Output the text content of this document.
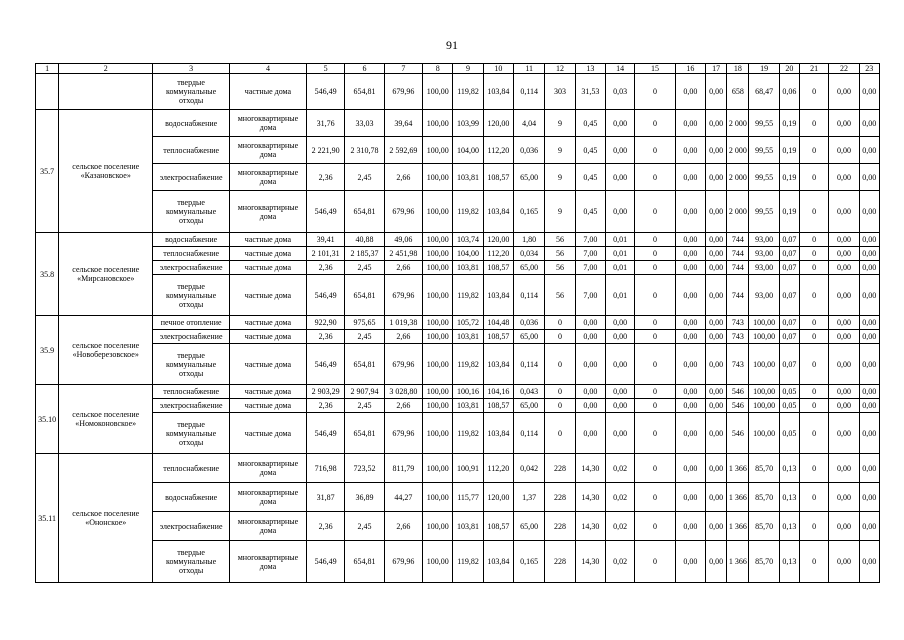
91
1	2	3	4	5	6	7	8	9	10	11	12	13	14	15	16	17	18	19	20	21	22	23
		твердые коммунальные отходы	частные дома	546,49	654,81	679,96	100,00	119,82	103,84	0,114	303	31,53	0,03	0	0,00	0,00	658	68,47	0,06	0	0,00	0,00
35.7	сельское поселение «Казановское»	водоснабжение	многоквартирные дома	31,76	33,03	39,64	100,00	103,99	120,00	4,04	9	0,45	0,00	0	0,00	0,00	2 000	99,55	0,19	0	0,00	0,00
		теплоснабжение	многоквартирные дома	2 221,90	2 310,78	2 592,69	100,00	104,00	112,20	0,036	9	0,45	0,00	0	0,00	0,00	2 000	99,55	0,19	0	0,00	0,00
		электроснабжение	многоквартирные дома	2,36	2,45	2,66	100,00	103,81	108,57	65,00	9	0,45	0,00	0	0,00	0,00	2 000	99,55	0,19	0	0,00	0,00
		твердые коммунальные отходы	многоквартирные дома	546,49	654,81	679,96	100,00	119,82	103,84	0,165	9	0,45	0,00	0	0,00	0,00	2 000	99,55	0,19	0	0,00	0,00
35.8	сельское поселение «Мирсановское»	водоснабжение	частные дома	39,41	40,88	49,06	100,00	103,74	120,00	1,80	56	7,00	0,01	0	0,00	0,00	744	93,00	0,07	0	0,00	0,00
		теплоснабжение	частные дома	2 101,31	2 185,37	2 451,98	100,00	104,00	112,20	0,034	56	7,00	0,01	0	0,00	0,00	744	93,00	0,07	0	0,00	0,00
		электроснабжение	частные дома	2,36	2,45	2,66	100,00	103,81	108,57	65,00	56	7,00	0,01	0	0,00	0,00	744	93,00	0,07	0	0,00	0,00
		твердые коммунальные отходы	частные дома	546,49	654,81	679,96	100,00	119,82	103,84	0,114	56	7,00	0,01	0	0,00	0,00	744	93,00	0,07	0	0,00	0,00
35.9	сельское поселение «Новоберезовское»	печное отопление	частные дома	922,90	975,65	1 019,38	100,00	105,72	104,48	0,036	0	0,00	0,00	0	0,00	0,00	743	100,00	0,07	0	0,00	0,00
		электроснабжение	частные дома	2,36	2,45	2,66	100,00	103,81	108,57	65,00	0	0,00	0,00	0	0,00	0,00	743	100,00	0,07	0	0,00	0,00
		твердые коммунальные отходы	частные дома	546,49	654,81	679,96	100,00	119,82	103,84	0,114	0	0,00	0,00	0	0,00	0,00	743	100,00	0,07	0	0,00	0,00
35.10	сельское поселение «Номоконовское»	теплоснабжение	частные дома	2 903,29	2 907,94	3 028,80	100,00	100,16	104,16	0,043	0	0,00	0,00	0	0,00	0,00	546	100,00	0,05	0	0,00	0,00
		электроснабжение	частные дома	2,36	2,45	2,66	100,00	103,81	108,57	65,00	0	0,00	0,00	0	0,00	0,00	546	100,00	0,05	0	0,00	0,00
		твердые коммунальные отходы	частные дома	546,49	654,81	679,96	100,00	119,82	103,84	0,114	0	0,00	0,00	0	0,00	0,00	546	100,00	0,05	0	0,00	0,00
35.11	сельское поселение «Ононское»	теплоснабжение	многоквартирные дома	716,98	723,52	811,79	100,00	100,91	112,20	0,042	228	14,30	0,02	0	0,00	0,00	1 366	85,70	0,13	0	0,00	0,00
		водоснабжение	многоквартирные дома	31,87	36,89	44,27	100,00	115,77	120,00	1,37	228	14,30	0,02	0	0,00	0,00	1 366	85,70	0,13	0	0,00	0,00
		электроснабжение	многоквартирные дома	2,36	2,45	2,66	100,00	103,81	108,57	65,00	228	14,30	0,02	0	0,00	0,00	1 366	85,70	0,13	0	0,00	0,00
		твердые коммунальные отходы	многоквартирные дома	546,49	654,81	679,96	100,00	119,82	103,84	0,165	228	14,30	0,02	0	0,00	0,00	1 366	85,70	0,13	0	0,00	0,00
